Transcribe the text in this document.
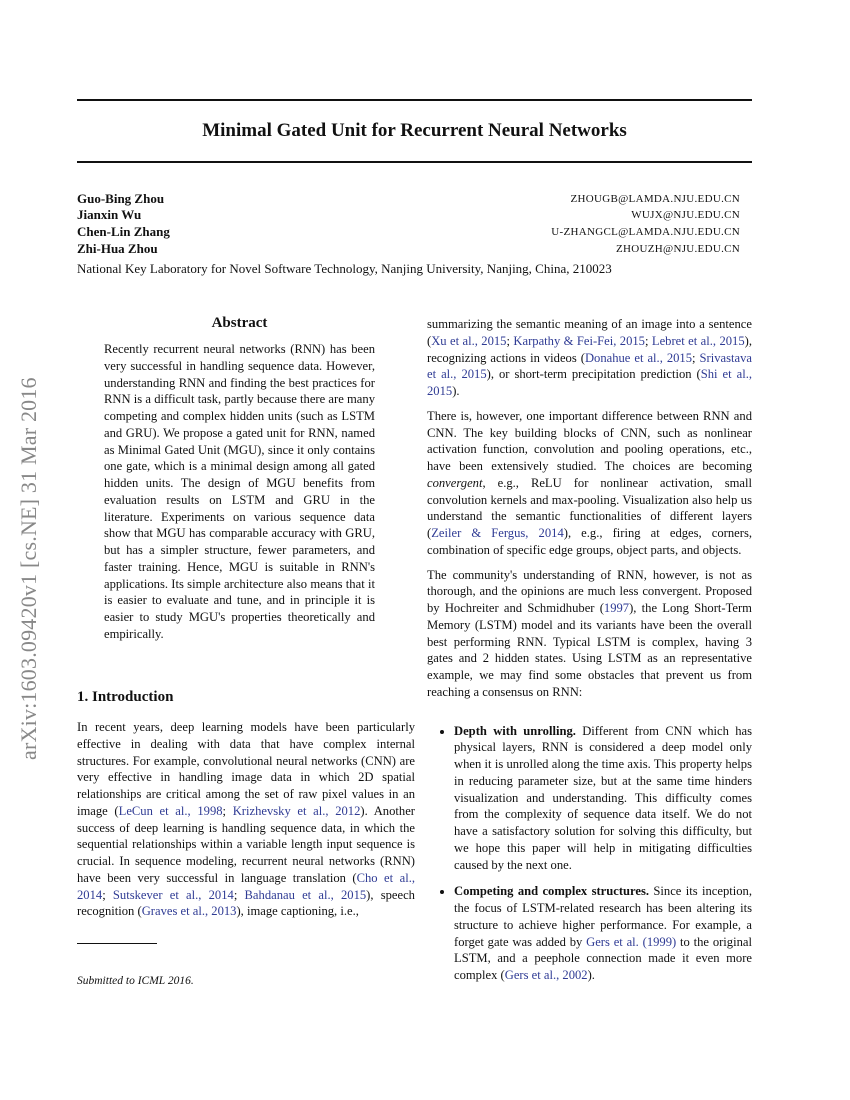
arXiv:1603.09420v1 [cs.NE] 31 Mar 2016
Minimal Gated Unit for Recurrent Neural Networks
Guo-Bing Zhou	ZHOUGB@LAMDA.NJU.EDU.CN
Jianxin Wu	WUJX@NJU.EDU.CN
Chen-Lin Zhang	U-ZHANGCL@LAMDA.NJU.EDU.CN
Zhi-Hua Zhou	ZHOUZH@NJU.EDU.CN
National Key Laboratory for Novel Software Technology, Nanjing University, Nanjing, China, 210023
Abstract

Recently recurrent neural networks (RNN) has been very successful in handling sequence data. However, understanding RNN and finding the best practices for RNN is a difficult task, partly because there are many competing and complex hidden units (such as LSTM and GRU). We propose a gated unit for RNN, named as Minimal Gated Unit (MGU), since it only contains one gate, which is a minimal design among all gated hidden units. The design of MGU benefits from evaluation results on LSTM and GRU in the literature. Experiments on various sequence data show that MGU has comparable accuracy with GRU, but has a simpler structure, fewer parameters, and faster training. Hence, MGU is suitable in RNN's applications. Its simple architecture also means that it is easier to evaluate and tune, and in principle it is easier to study MGU's properties theoretically and empirically.

1. Introduction

In recent years, deep learning models have been particularly effective in dealing with data that have complex internal structures. For example, convolutional neural networks (CNN) are very effective in handling image data in which 2D spatial relationships are critical among the set of raw pixel values in an image (LeCun et al., 1998; Krizhevsky et al., 2012). Another success of deep learning is handling sequence data, in which the sequential relationships within a variable length input sequence is crucial. In sequence modeling, recurrent neural networks (RNN) have been very successful in language translation (Cho et al., 2014; Sutskever et al., 2014; Bahdanau et al., 2015), speech recognition (Graves et al., 2013), image captioning, i.e.,

Submitted to ICML 2016.

summarizing the semantic meaning of an image into a sentence (Xu et al., 2015; Karpathy & Fei-Fei, 2015; Lebret et al., 2015), recognizing actions in videos (Donahue et al., 2015; Srivastava et al., 2015), or short-term precipitation prediction (Shi et al., 2015).

There is, however, one important difference between RNN and CNN. The key building blocks of CNN, such as nonlinear activation function, convolution and pooling operations, etc., have been extensively studied. The choices are becoming convergent, e.g., ReLU for nonlinear activation, small convolution kernels and max-pooling. Visualization also help us understand the semantic functionalities of different layers (Zeiler & Fergus, 2014), e.g., firing at edges, corners, combination of specific edge groups, object parts, and objects.

The community's understanding of RNN, however, is not as thorough, and the opinions are much less convergent. Proposed by Hochreiter and Schmidhuber (1997), the Long Short-Term Memory (LSTM) model and its variants have been the overall best performing RNN. Typical LSTM is complex, having 3 gates and 2 hidden states. Using LSTM as an representative example, we may find some obstacles that prevent us from reaching a consensus on RNN:

• Depth with unrolling. Different from CNN which has physical layers, RNN is considered a deep model only when it is unrolled along the time axis. This property helps in reducing parameter size, but at the same time hinders visualization and understanding. This difficulty comes from the complexity of sequence data itself. We do not have a satisfactory solution for solving this difficulty, but we hope this paper will help in mitigating difficulties caused by the next one.
• Competing and complex structures. Since its inception, the focus of LSTM-related research has been altering its structure to achieve higher performance. For example, a forget gate was added by Gers et al. (1999) to the original LSTM, and a peephole connection made it even more complex (Gers et al., 2002).
